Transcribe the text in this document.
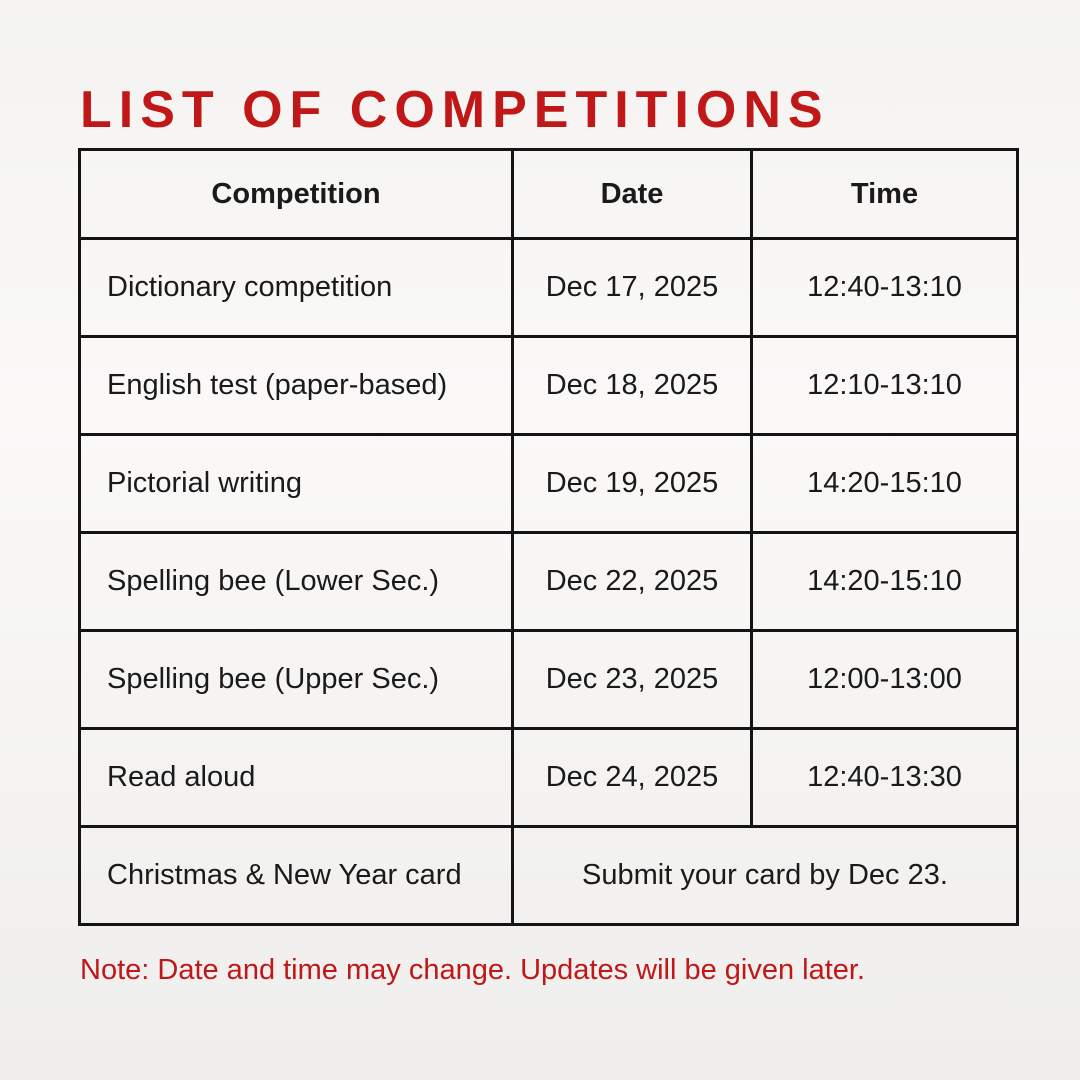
LIST OF COMPETITIONS
Competition	Date	Time
Dictionary competition	Dec 17, 2025	12:40-13:10
English test (paper-based)	Dec 18, 2025	12:10-13:10
Pictorial writing	Dec 19, 2025	14:20-15:10
Spelling bee (Lower Sec.)	Dec 22, 2025	14:20-15:10
Spelling bee (Upper Sec.)	Dec 23, 2025	12:00-13:00
Read aloud	Dec 24, 2025	12:40-13:30
Christmas & New Year card	Submit your card by Dec 23.	
Note: Date and time may change. Updates will be given later.
